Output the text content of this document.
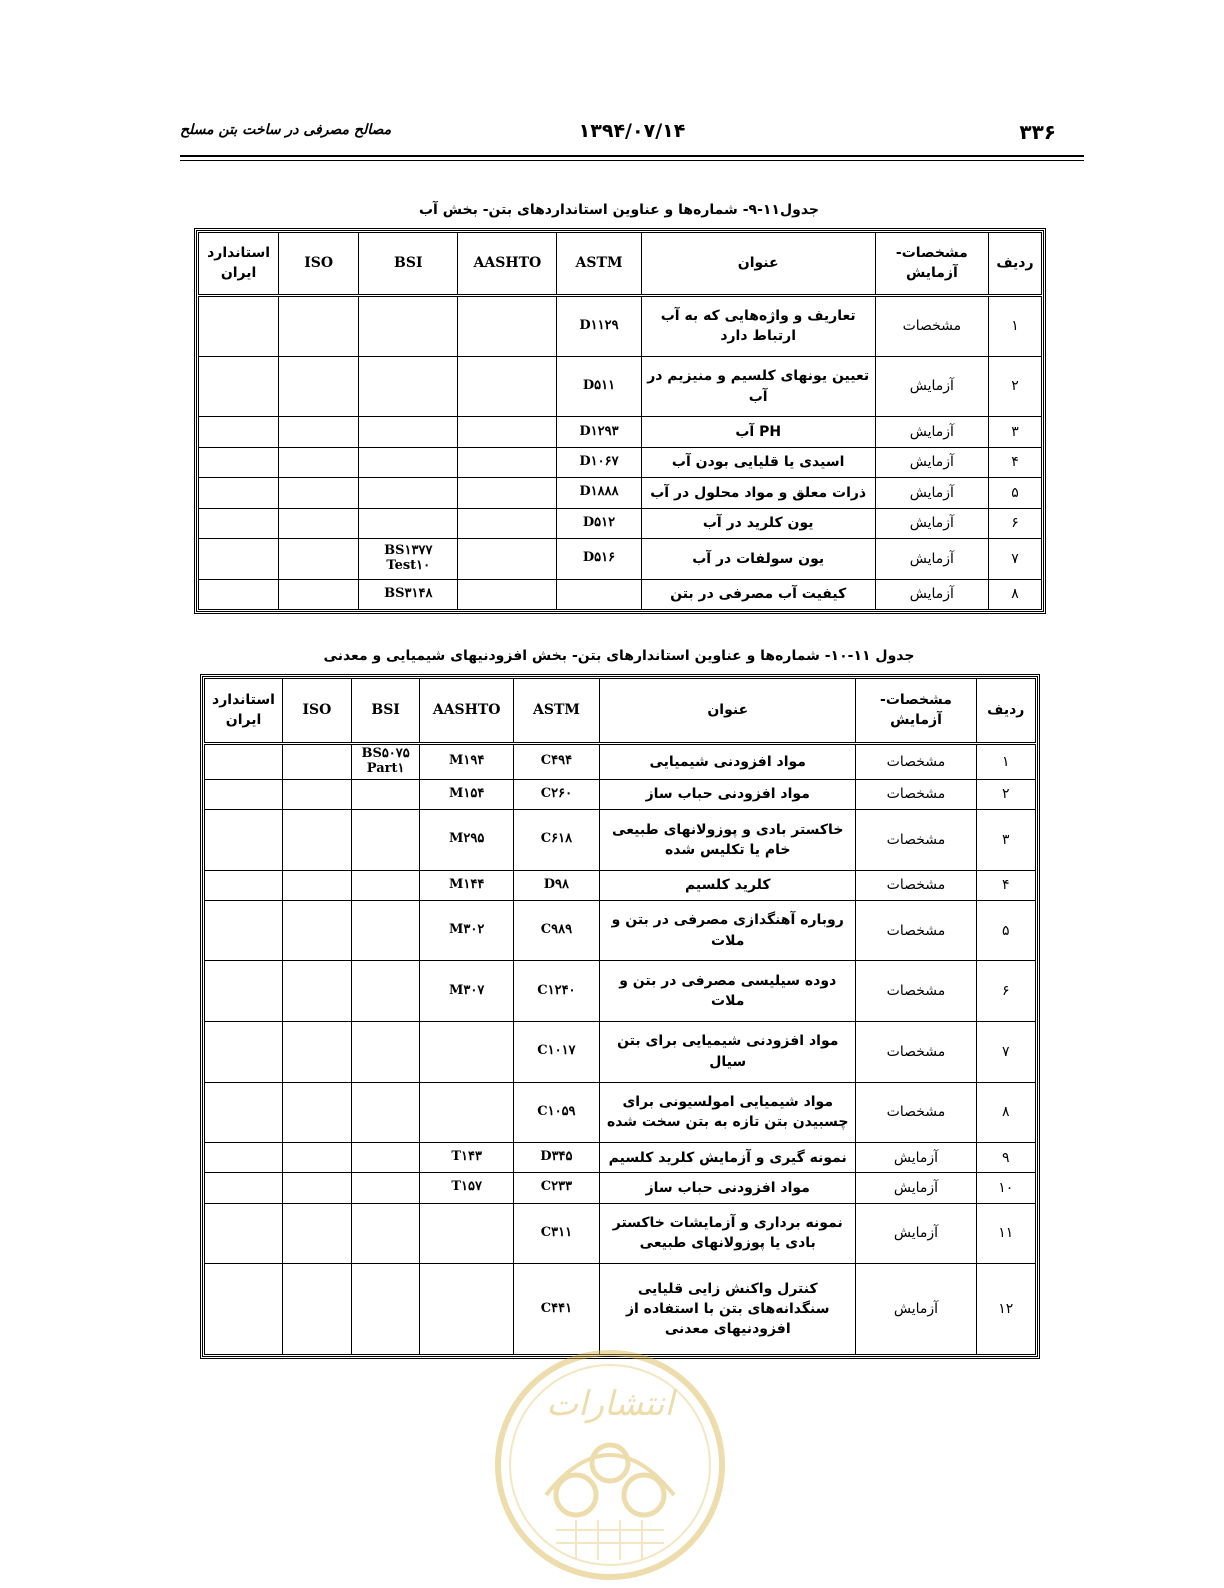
۳۳۶
۱۳۹۴/۰۷/۱۴
مصالح مصرفی در ساخت بتن مسلح
جدول۱۱-۹- شماره‌ها و عناوین استانداردهای بتن- بخش آب
ردیف	مشخصات- آزمایش	عنوان	ASTM	AASHTO	BSI	ISO	استاندارد ایران
۱	مشخصات	تعاریف و واژه‌هایی که به آب ارتباط دارد	D۱۱۲۹				
۲	آزمایش	تعیین یونهای کلسیم و منیزیم در آب	D۵۱۱				
۳	آزمایش	PH آب	D۱۲۹۳				
۴	آزمایش	اسیدی یا قلیایی بودن آب	D۱۰۶۷				
۵	آزمایش	ذرات معلق و مواد محلول در آب	D۱۸۸۸				
۶	آزمایش	یون کلرید در آب	D۵۱۲				
۷	آزمایش	یون سولفات در آب	D۵۱۶		BS۱۳۷۷ Test۱۰		
۸	آزمایش	کیفیت آب مصرفی در بتن			BS۳۱۴۸		
جدول ۱۱-۱۰- شماره‌ها و عناوین استاندارهای بتن- بخش افزودنیهای شیمیایی و معدنی
ردیف	مشخصات- آزمایش	عنوان	ASTM	AASHTO	BSI	ISO	استاندارد ایران
۱	مشخصات	مواد افزودنی شیمیایی	C۴۹۴	M۱۹۴	BS۵۰۷۵ Part۱		
۲	مشخصات	مواد افزودنی حباب ساز	C۲۶۰	M۱۵۴			
۳	مشخصات	خاکستر بادی و پوزولانهای طبیعی خام یا تکلیس شده	C۶۱۸	M۲۹۵			
۴	مشخصات	کلرید کلسیم	D۹۸	M۱۴۴			
۵	مشخصات	روباره آهنگدازی مصرفی در بتن و ملات	C۹۸۹	M۳۰۲			
۶	مشخصات	دوده سیلیسی مصرفی در بتن و ملات	C۱۲۴۰	M۳۰۷			
۷	مشخصات	مواد افزودنی شیمیایی برای بتن سیال	C۱۰۱۷				
۸	مشخصات	مواد شیمیایی امولسیونی برای چسبیدن بتن تازه به بتن سخت شده	C۱۰۵۹				
۹	آزمایش	نمونه گیری و آزمایش کلرید کلسیم	D۳۴۵	T۱۴۳			
۱۰	آزمایش	مواد افزودنی حباب ساز	C۲۳۳	T۱۵۷			
۱۱	آزمایش	نمونه برداری و آزمایشات خاکستر بادی یا پوزولانهای طبیعی	C۳۱۱				
۱۲	آزمایش	کنترل واکنش زایی قلیایی سنگدانه‌های بتن با استفاده از افزودنیهای معدنی	C۴۴۱				
انتشارات
